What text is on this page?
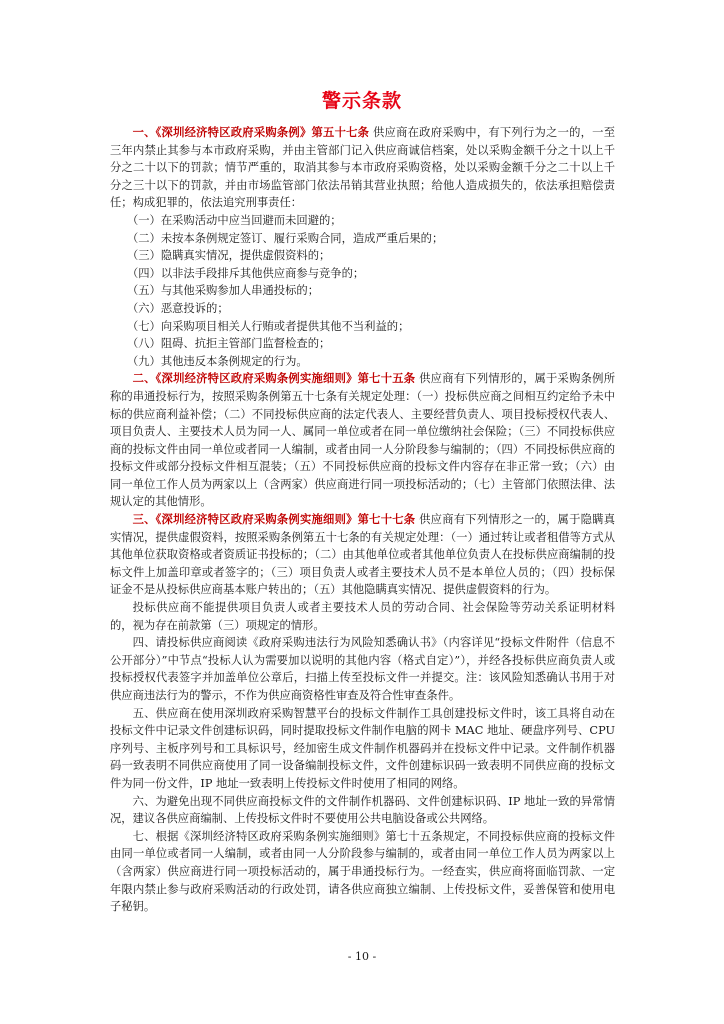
警示条款

一、《深圳经济特区政府采购条例》第五十七条 供应商在政府采购中，有下列行为之一的，一至三年内禁止其参与本市政府采购，并由主管部门记入供应商诚信档案，处以采购金额千分之十以上千分之二十以下的罚款；情节严重的，取消其参与本市政府采购资格，处以采购金额千分之二十以上千分之三十以下的罚款，并由市场监管部门依法吊销其营业执照；给他人造成损失的，依法承担赔偿责任；构成犯罪的，依法追究刑事责任：

（一）在采购活动中应当回避而未回避的；

（二）未按本条例规定签订、履行采购合同，造成严重后果的；

（三）隐瞒真实情况，提供虚假资料的；

（四）以非法手段排斥其他供应商参与竞争的；

（五）与其他采购参加人串通投标的；

（六）恶意投诉的；

（七）向采购项目相关人行贿或者提供其他不当利益的；

（八）阻碍、抗拒主管部门监督检查的；

（九）其他违反本条例规定的行为。

二、《深圳经济特区政府采购条例实施细则》第七十五条 供应商有下列情形的，属于采购条例所称的串通投标行为，按照采购条例第五十七条有关规定处理：（一）投标供应商之间相互约定给予未中标的供应商利益补偿；（二）不同投标供应商的法定代表人、主要经营负责人、项目投标授权代表人、项目负责人、主要技术人员为同一人、属同一单位或者在同一单位缴纳社会保险；（三）不同投标供应商的投标文件由同一单位或者同一人编制，或者由同一人分阶段参与编制的；（四）不同投标供应商的投标文件或部分投标文件相互混装；（五）不同投标供应商的投标文件内容存在非正常一致；（六）由同一单位工作人员为两家以上（含两家）供应商进行同一项投标活动的；（七）主管部门依照法律、法规认定的其他情形。

三、《深圳经济特区政府采购条例实施细则》第七十七条 供应商有下列情形之一的，属于隐瞒真实情况，提供虚假资料，按照采购条例第五十七条的有关规定处理：（一）通过转让或者租借等方式从其他单位获取资格或者资质证书投标的；（二）由其他单位或者其他单位负责人在投标供应商编制的投标文件上加盖印章或者签字的；（三）项目负责人或者主要技术人员不是本单位人员的；（四）投标保证金不是从投标供应商基本账户转出的；（五）其他隐瞒真实情况、提供虚假资料的行为。

投标供应商不能提供项目负责人或者主要技术人员的劳动合同、社会保险等劳动关系证明材料的，视为存在前款第（三）项规定的情形。

四、请投标供应商阅读《政府采购违法行为风险知悉确认书》（内容详见“投标文件附件（信息不公开部分）”中节点“投标人认为需要加以说明的其他内容（格式自定）”），并经各投标供应商负责人或投标授权代表签字并加盖单位公章后，扫描上传至投标文件一并提交。注：该风险知悉确认书用于对供应商违法行为的警示，不作为供应商资格性审查及符合性审查条件。

五、供应商在使用深圳政府采购智慧平台的投标文件制作工具创建投标文件时，该工具将自动在投标文件中记录文件创建标识码，同时提取投标文件制作电脑的网卡 MAC 地址、硬盘序列号、CPU 序列号、主板序列号和工具标识号，经加密生成文件制作机器码并在投标文件中记录。文件制作机器码一致表明不同供应商使用了同一设备编制投标文件，文件创建标识码一致表明不同供应商的投标文件为同一份文件，IP 地址一致表明上传投标文件时使用了相同的网络。

六、为避免出现不同供应商投标文件的文件制作机器码、文件创建标识码、IP 地址一致的异常情况，建议各供应商编制、上传投标文件时不要使用公共电脑设备或公共网络。

七、根据《深圳经济特区政府采购条例实施细则》第七十五条规定，不同投标供应商的投标文件由同一单位或者同一人编制，或者由同一人分阶段参与编制的，或者由同一单位工作人员为两家以上（含两家）供应商进行同一项投标活动的，属于串通投标行为。一经查实，供应商将面临罚款、一定年限内禁止参与政府采购活动的行政处罚，请各供应商独立编制、上传投标文件，妥善保管和使用电子秘钥。

- 10 -
